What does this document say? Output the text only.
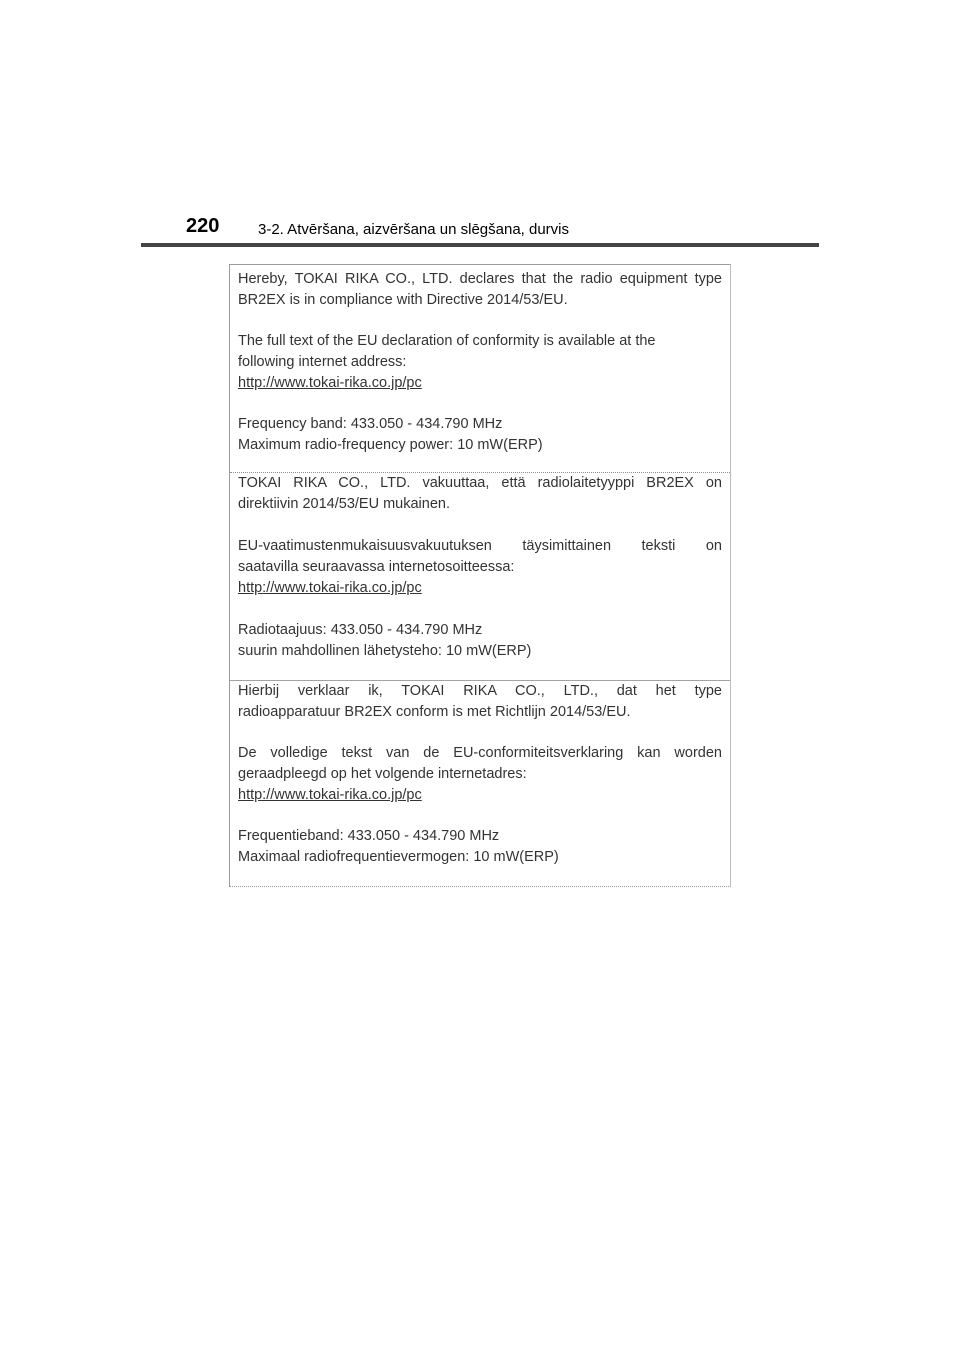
220	3-2. Atvēršana, aizvēršana un slēgšana, durvis

Hereby, TOKAI RIKA CO., LTD. declares that the radio equipment type

BR2EX is in compliance with Directive 2014/53/EU.

The full text of the EU declaration of conformity is available at the

following internet address:

http://www.tokai-rika.co.jp/pc

Frequency band: 433.050 - 434.790 MHz

Maximum radio-frequency power: 10 mW(ERP)

TOKAI RIKA CO., LTD. vakuuttaa, että radiolaitetyyppi BR2EX on

direktiivin 2014/53/EU mukainen.

EU-vaatimustenmukaisuusvakuutuksen täysimittainen teksti on

saatavilla seuraavassa internetosoitteessa:

http://www.tokai-rika.co.jp/pc

Radiotaajuus: 433.050 - 434.790 MHz

suurin mahdollinen lähetysteho: 10 mW(ERP)

Hierbij verklaar ik, TOKAI RIKA CO., LTD., dat het type

radioapparatuur BR2EX conform is met Richtlijn 2014/53/EU.

De volledige tekst van de EU-conformiteitsverklaring kan worden

geraadpleegd op het volgende internetadres:

http://www.tokai-rika.co.jp/pc

Frequentieband: 433.050 - 434.790 MHz

Maximaal radiofrequentievermogen: 10 mW(ERP)
